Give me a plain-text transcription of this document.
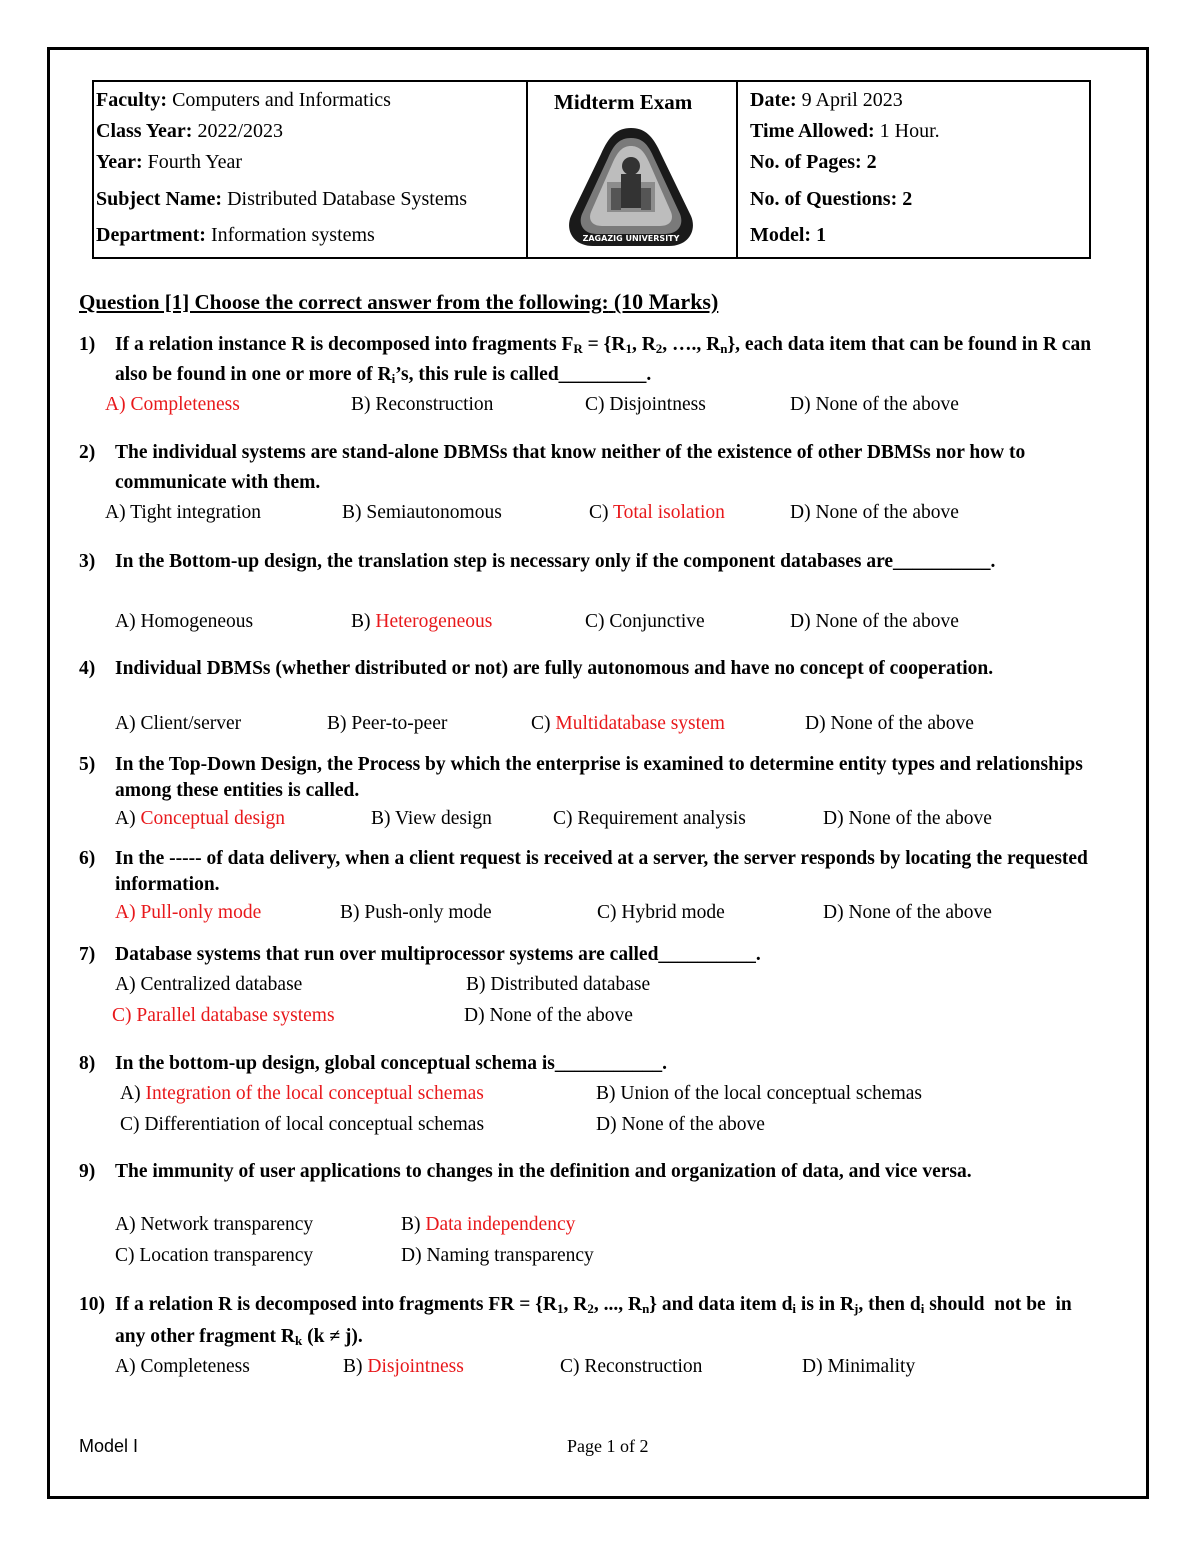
Faculty: Computers and Informatics
Class Year: 2022/2023
Year: Fourth Year
Subject Name: Distributed Database Systems
Department: Information systems
Midterm Exam
ZAGAZIG UNIVERSITY
Date: 9 April 2023
Time Allowed: 1 Hour.
No. of Pages: 2
No. of Questions: 2
Model: 1
Question [1] Choose the correct answer from the following: (10 Marks)
1) If a relation instance R is decomposed into fragments $F_R = \{R_1$, $R_2$, …., $R_n$}, each data item that can be found in R can also be found in one or more of $R_i’s$, this rule is called_________.
A) Completeness	B) Reconstruction	C) Disjointness	D) None of the above
2) The individual systems are stand-alone DBMSs that know neither of the existence of other DBMSs nor how to communicate with them.
A) Tight integration	B) Semiautonomous	C) Total isolation	D) None of the above
3) In the Bottom-up design, the translation step is necessary only if the component databases are__________.
A) Homogeneous	B) Heterogeneous	C) Conjunctive	D) None of the above
4) Individual DBMSs (whether distributed or not) are fully autonomous and have no concept of cooperation.
A) Client/server	B) Peer-to-peer	C) Multidatabase system	D) None of the above
5) In the Top-Down Design, the Process by which the enterprise is examined to determine entity types and relationships among these entities is called.
A) Conceptual design	B) View design	C) Requirement analysis	D) None of the above
6) In the ----- of data delivery, when a client request is received at a server, the server responds by locating the requested information.
A) Pull-only mode	B) Push-only mode	C) Hybrid mode	D) None of the above
7) Database systems that run over multiprocessor systems are called__________.
A) Centralized database	B) Distributed database
C) Parallel database systems	D) None of the above
8) In the bottom-up design, global conceptual schema is___________.
A) Integration of the local conceptual schemas	B) Union of the local conceptual schemas
C) Differentiation of local conceptual schemas	D) None of the above
9) The immunity of user applications to changes in the definition and organization of data, and vice versa.
A) Network transparency	B) Data independency
C) Location transparency	D) Naming transparency
10) If a relation R is decomposed into fragments FR = {$R_1$, $R_2$, ..., $R_n$} and data item $d_i$ is in $R_j$, then $d_i$ should  not be  in any other fragment $R_k$ (k ≠ j).
A) Completeness	B) Disjointness	C) Reconstruction	D) Minimality
Model I	Page 1 of 2
